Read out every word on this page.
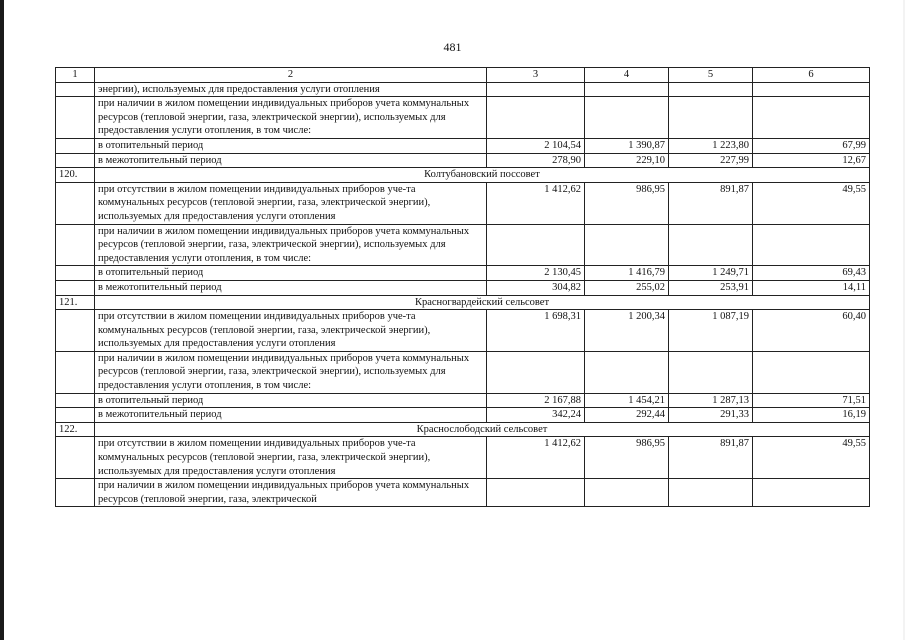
481
1	2	3	4	5	6
	энергии), используемых для предоставления услуги отопления				
	при наличии в жилом помещении индивидуальных приборов учета коммунальных ресурсов (тепловой энергии, газа, электрической энергии), используемых для предоставления услуги отопления, в том числе:				
	в отопительный период	2 104,54	1 390,87	1 223,80	67,99
	в межотопительный период	278,90	229,10	227,99	12,67
120.	Колтубановский поссовет				
	при отсутствии в жилом помещении индивидуальных приборов уче-та коммунальных ресурсов (тепловой энергии, газа, электрической энергии), используемых для предоставления услуги отопления	1 412,62	986,95	891,87	49,55
	при наличии в жилом помещении индивидуальных приборов учета коммунальных ресурсов (тепловой энергии, газа, электрической энергии), используемых для предоставления услуги отопления, в том числе:				
	в отопительный период	2 130,45	1 416,79	1 249,71	69,43
	в межотопительный период	304,82	255,02	253,91	14,11
121.	Красногвардейский сельсовет				
	при отсутствии в жилом помещении индивидуальных приборов уче-та коммунальных ресурсов (тепловой энергии, газа, электрической энергии), используемых для предоставления услуги отопления	1 698,31	1 200,34	1 087,19	60,40
	при наличии в жилом помещении индивидуальных приборов учета коммунальных ресурсов (тепловой энергии, газа, электрической энергии), используемых для предоставления услуги отопления, в том числе:				
	в отопительный период	2 167,88	1 454,21	1 287,13	71,51
	в межотопительный период	342,24	292,44	291,33	16,19
122.	Краснослободский сельсовет				
	при отсутствии в жилом помещении индивидуальных приборов уче-та коммунальных ресурсов (тепловой энергии, газа, электрической энергии), используемых для предоставления услуги отопления	1 412,62	986,95	891,87	49,55
	при наличии в жилом помещении индивидуальных приборов учета коммунальных ресурсов (тепловой энергии, газа, электрической				
